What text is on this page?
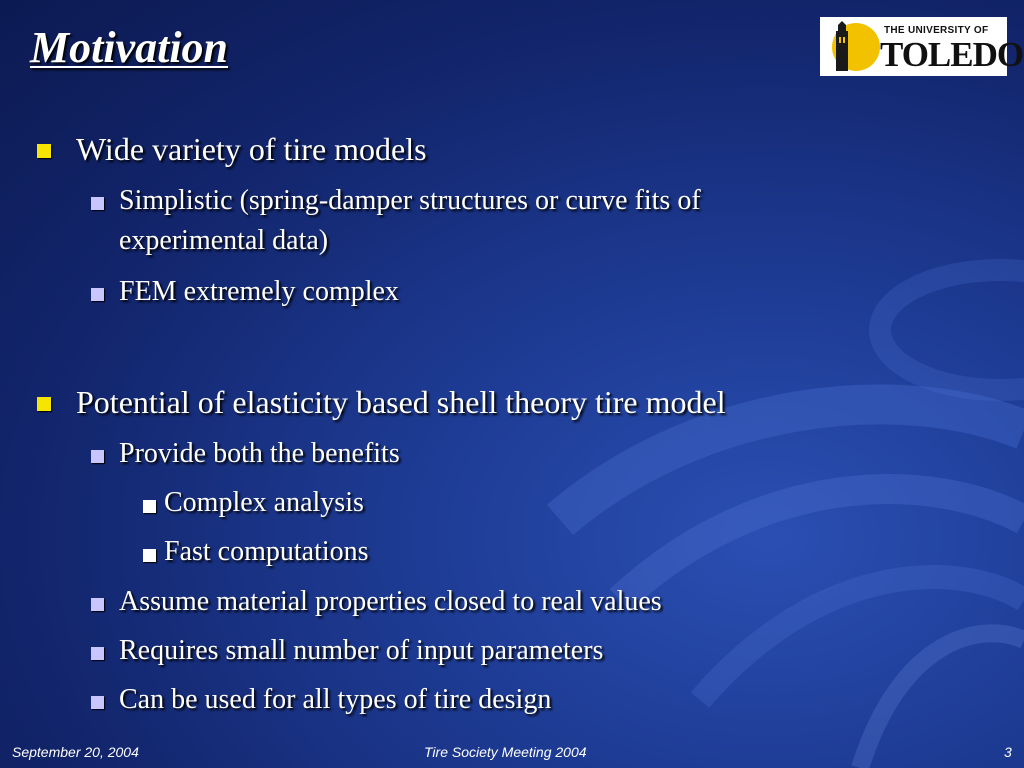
Motivation	THE UNIVERSITY OF
TOLEDO
Wide variety of tire models
Simplistic (spring-damper structures or curve fits of
experimental data)
FEM extremely complex
Potential of elasticity based shell theory tire model
Provide both the benefits
Complex analysis
Fast computations
Assume material properties closed to real values
Requires small number of input parameters
Can be used for all types of tire design
September 20, 2004	Tire Society Meeting 2004	3
